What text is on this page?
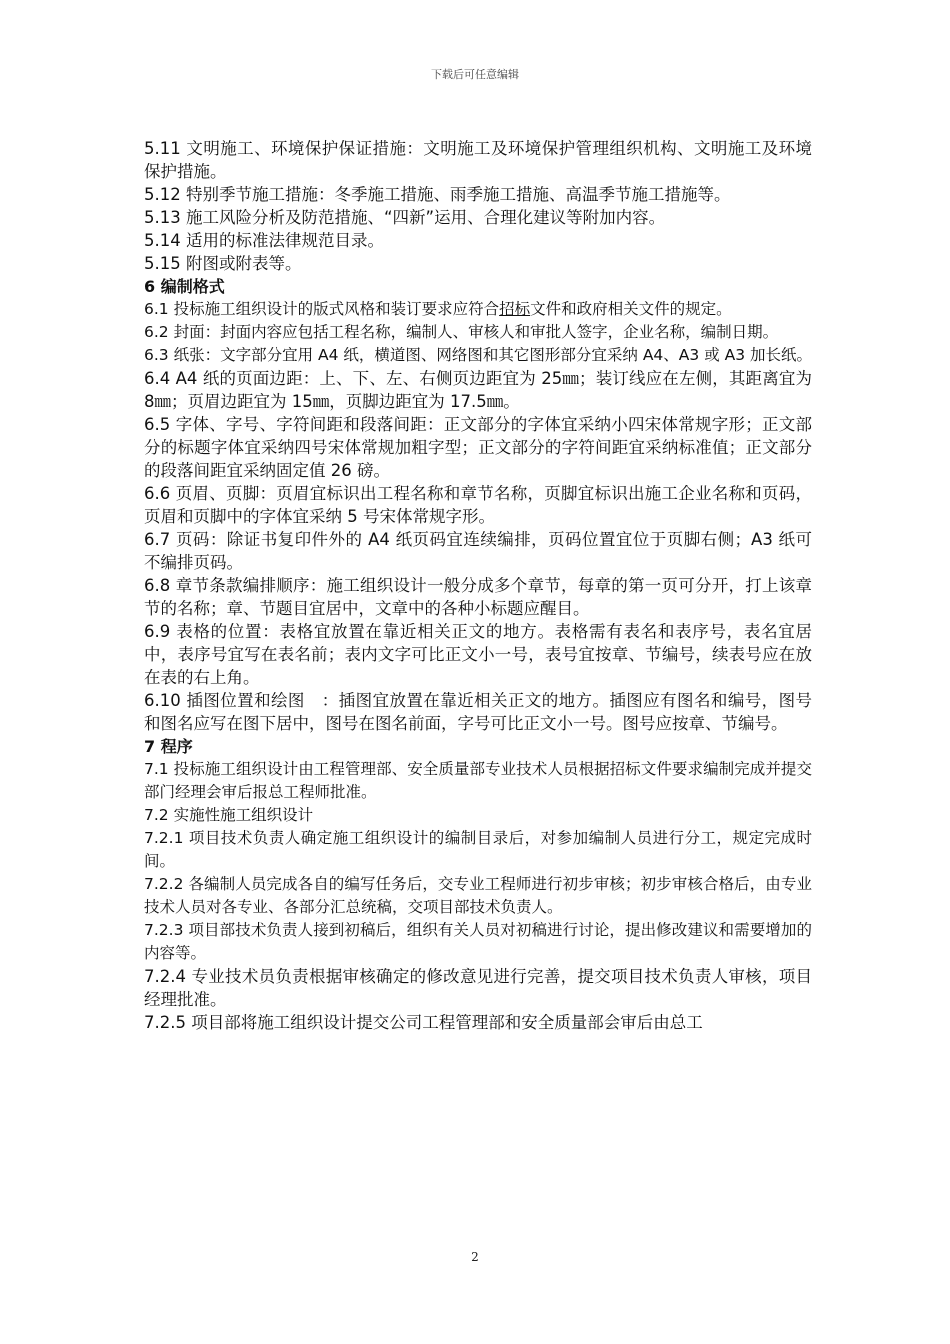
下载后可任意编辑

5.11 文明施工、环境保护保证措施：文明施工及环境保护管理组织机构、文明施工及环境保护措施。

5.12 特别季节施工措施：冬季施工措施、雨季施工措施、高温季节施工措施等。

5.13 施工风险分析及防范措施、“四新”运用、合理化建议等附加内容。

5.14 适用的标准法律规范目录。

5.15 附图或附表等。

6 编制格式

6.1 投标施工组织设计的版式风格和装订要求应符合招标文件和政府相关文件的规定。

6.2 封面：封面内容应包括工程名称，编制人、审核人和审批人签字，企业名称，编制日期。

6.3 纸张：文字部分宜用 A4 纸，横道图、网络图和其它图形部分宜采纳 A4、A3 或 A3 加长纸。

6.4 A4 纸的页面边距：上、下、左、右侧页边距宜为 25㎜；装订线应在左侧，其距离宜为 8㎜；页眉边距宜为 15㎜，页脚边距宜为 17.5㎜。

6.5 字体、字号、字符间距和段落间距：正文部分的字体宜采纳小四宋体常规字形；正文部分的标题字体宜采纳四号宋体常规加粗字型；正文部分的字符间距宜采纳标准值；正文部分的段落间距宜采纳固定值 26 磅。

6.6 页眉、页脚：页眉宜标识出工程名称和章节名称，页脚宜标识出施工企业名称和页码，页眉和页脚中的字体宜采纳 5 号宋体常规字形。

6.7 页码：除证书复印件外的 A4 纸页码宜连续编排，页码位置宜位于页脚右侧；A3 纸可不编排页码。

6.8 章节条款编排顺序：施工组织设计一般分成多个章节，每章的第一页可分开，打上该章节的名称；章、节题目宜居中，文章中的各种小标题应醒目。

6.9 表格的位置：表格宜放置在靠近相关正文的地方。表格需有表名和表序号，表名宜居中，表序号宜写在表名前；表内文字可比正文小一号，表号宜按章、节编号，续表号应在放在表的右上角。

6.10 插图位置和绘图　：插图宜放置在靠近相关正文的地方。插图应有图名和编号，图号和图名应写在图下居中，图号在图名前面，字号可比正文小一号。图号应按章、节编号。

7 程序

7.1 投标施工组织设计由工程管理部、安全质量部专业技术人员根据招标文件要求编制完成并提交部门经理会审后报总工程师批准。

7.2 实施性施工组织设计

7.2.1 项目技术负责人确定施工组织设计的编制目录后，对参加编制人员进行分工，规定完成时间。

7.2.2 各编制人员完成各自的编写任务后，交专业工程师进行初步审核；初步审核合格后，由专业技术人员对各专业、各部分汇总统稿，交项目部技术负责人。

7.2.3 项目部技术负责人接到初稿后，组织有关人员对初稿进行讨论，提出修改建议和需要增加的内容等。

7.2.4 专业技术员负责根据审核确定的修改意见进行完善，提交项目技术负责人审核，项目经理批准。

7.2.5 项目部将施工组织设计提交公司工程管理部和安全质量部会审后由总工

2
